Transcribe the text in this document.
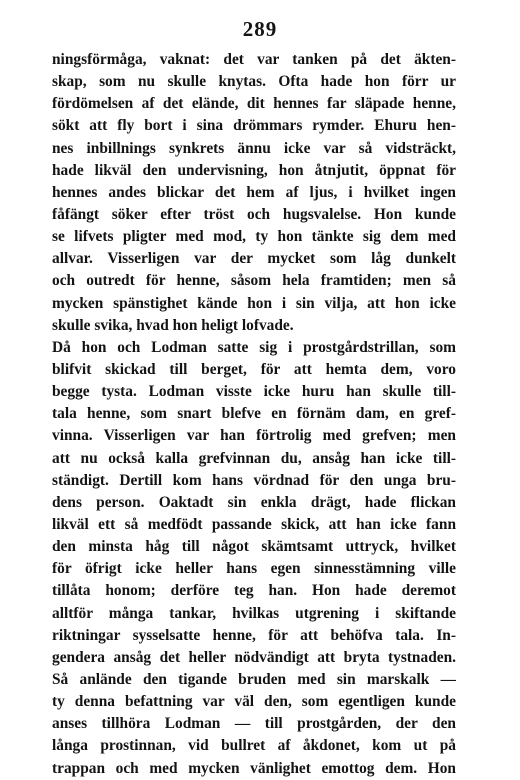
289
ningsförmåga, vaknat: det var tanken på det äkten-
skap, som nu skulle knytas. Ofta hade hon förr ur
fördömelsen af det elände, dit hennes far släpade henne,
sökt att fly bort i sina drömmars rymder. Ehuru hen-
nes inbillnings synkrets ännu icke var så vidsträckt,
hade likväl den undervisning, hon åtnjutit, öppnat för
hennes andes blickar det hem af ljus, i hvilket ingen
fåfängt söker efter tröst och hugsvalelse. Hon kunde
se lifvets pligter med mod, ty hon tänkte sig dem med
allvar. Visserligen var der mycket som låg dunkelt
och outredt för henne, såsom hela framtiden; men så
mycken spänstighet kände hon i sin vilja, att hon icke
skulle svika, hvad hon heligt lofvade.
Då hon och Lodman satte sig i prostgårdstrillan, som
blifvit skickad till berget, för att hemta dem, voro
begge tysta. Lodman visste icke huru han skulle till-
tala henne, som snart blefve en förnäm dam, en gref-
vinna. Visserligen var han förtrolig med grefven; men
att nu också kalla grefvinnan du, ansåg han icke till-
ständigt. Dertill kom hans vördnad för den unga bru-
dens person. Oaktadt sin enkla drägt, hade flickan
likväl ett så medfödt passande skick, att han icke fann
den minsta håg till något skämtsamt uttryck, hvilket
för öfrigt icke heller hans egen sinnesstämning ville
tillåta honom; derföre teg han. Hon hade deremot
alltför många tankar, hvilkas utgrening i skiftande
riktningar sysselsatte henne, för att behöfva tala. In-
gendera ansåg det heller nödvändigt att bryta tystnaden.
Så anlände den tigande bruden med sin marskalk —
ty denna befattning var väl den, som egentligen kunde
anses tillhöra Lodman — till prostgården, der den
långa prostinnan, vid bullret af åkdonet, kom ut på
trappan och med mycken vänlighet emottog dem. Hon
